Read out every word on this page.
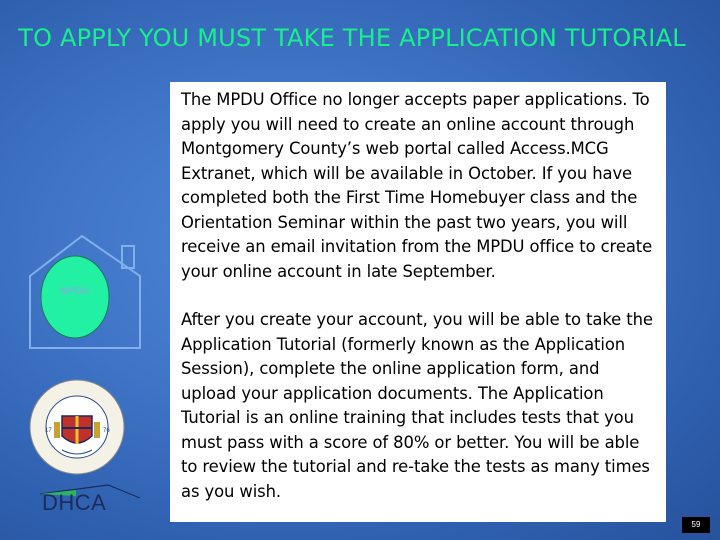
TO APPLY YOU MUST TAKE THE APPLICATION TUTORIAL
MPDU
17	76
DHCA

The MPDU Office no longer accepts paper applications. To apply you will need to create an online account through Montgomery County’s web portal called Access.MCG Extranet, which will be available in October. If you have completed both the First Time Homebuyer class and the Orientation Seminar within the past two years, you will receive an email invitation from the MPDU office to create your online account in late September.

After you create your account, you will be able to take the Application Tutorial (formerly known as the Application Session), complete the online application form, and upload your application documents. The Application Tutorial is an online training that includes tests that you must pass with a score of 80% or better. You will be able to review the tutorial and re-take the tests as many times as you wish.

59
